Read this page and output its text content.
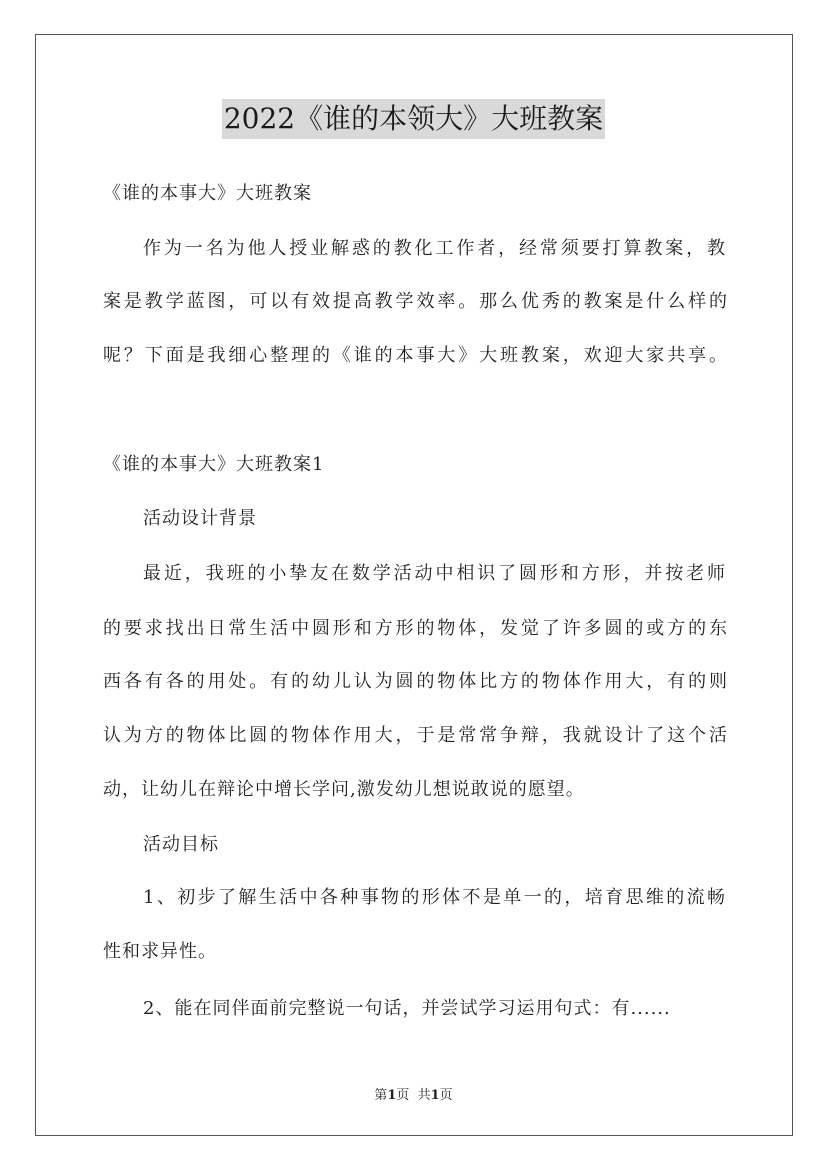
2022《谁的本领大》大班教案
《谁的本事大》大班教案
作为一名为他人授业解惑的教化工作者，经常须要打算教案，教
案是教学蓝图，可以有效提高教学效率。那么优秀的教案是什么样的
呢？下面是我细心整理的《谁的本事大》大班教案，欢迎大家共享。
《谁的本事大》大班教案1
活动设计背景
最近，我班的小挚友在数学活动中相识了圆形和方形，并按老师
的要求找出日常生活中圆形和方形的物体，发觉了许多圆的或方的东
西各有各的用处。有的幼儿认为圆的物体比方的物体作用大，有的则
认为方的物体比圆的物体作用大，于是常常争辩，我就设计了这个活
动，让幼儿在辩论中增长学问,激发幼儿想说敢说的愿望。
活动目标
1、初步了解生活中各种事物的形体不是单一的，培育思维的流畅
性和求异性。
2、能在同伴面前完整说一句话，并尝试学习运用句式：有......
第1页  共1页
